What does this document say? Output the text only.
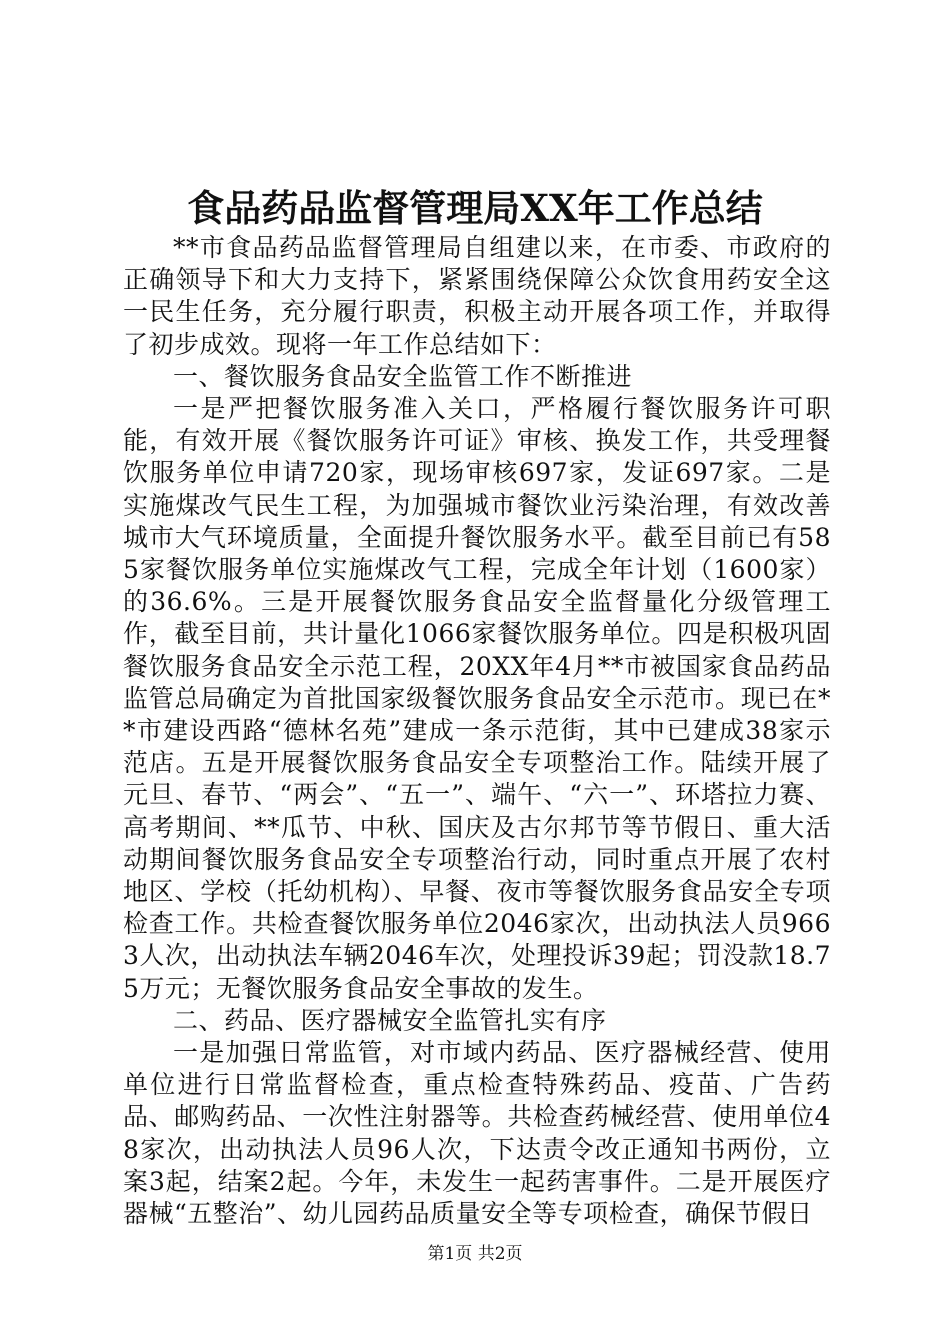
食品药品监督管理局XX年工作总结

**市食品药品监督管理局自组建以来，在市委、市政府的正确领导下和大力支持下，紧紧围绕保障公众饮食用药安全这一民生任务，充分履行职责，积极主动开展各项工作，并取得了初步成效。现将一年工作总结如下：

一、餐饮服务食品安全监管工作不断推进

一是严把餐饮服务准入关口，严格履行餐饮服务许可职能，有效开展《餐饮服务许可证》审核、换发工作，共受理餐饮服务单位申请720家，现场审核697家，发证697家。二是实施煤改气民生工程，为加强城市餐饮业污染治理，有效改善城市大气环境质量，全面提升餐饮服务水平。截至目前已有585家餐饮服务单位实施煤改气工程，完成全年计划（1600家）的36.6%。三是开展餐饮服务食品安全监督量化分级管理工作，截至目前，共计量化1066家餐饮服务单位。四是积极巩固餐饮服务食品安全示范工程，20XX年4月**市被国家食品药品监管总局确定为首批国家级餐饮服务食品安全示范市。现已在**市建设西路“德林名苑”建成一条示范街，其中已建成38家示范店。五是开展餐饮服务食品安全专项整治工作。陆续开展了元旦、春节、“两会”、“五一”、端午、“六一”、环塔拉力赛、高考期间、**瓜节、中秋、国庆及古尔邦节等节假日、重大活动期间餐饮服务食品安全专项整治行动，同时重点开展了农村地区、学校（托幼机构）、早餐、夜市等餐饮服务食品安全专项检查工作。共检查餐饮服务单位2046家次，出动执法人员9663人次，出动执法车辆2046车次，处理投诉39起；罚没款18.75万元；无餐饮服务食品安全事故的发生。

二、药品、医疗器械安全监管扎实有序

一是加强日常监管，对市域内药品、医疗器械经营、使用单位进行日常监督检查，重点检查特殊药品、疫苗、广告药品、邮购药品、一次性注射器等。共检查药械经营、使用单位48家次，出动执法人员96人次，下达责令改正通知书两份，立案3起，结案2起。今年，未发生一起药害事件。二是开展医疗器械“五整治”、幼儿园药品质量安全等专项检查，确保节假日

第1页 共2页
